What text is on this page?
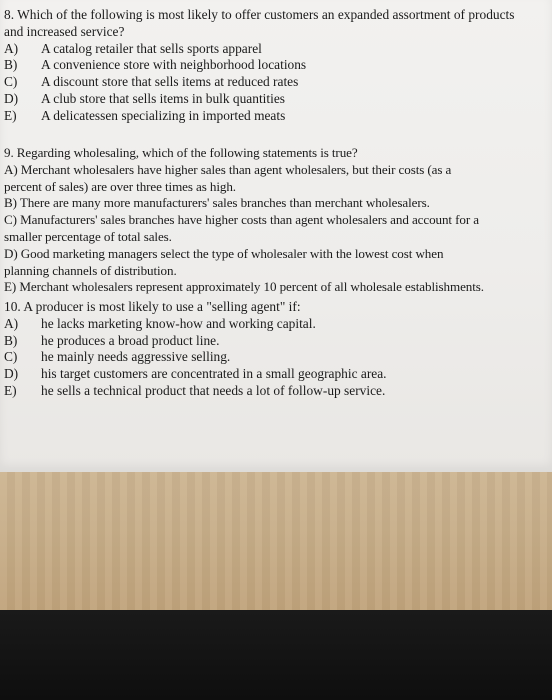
8. Which of the following is most likely to offer customers an expanded assortment of products
and increased service?
A)	A catalog retailer that sells sports apparel
B)	A convenience store with neighborhood locations
C)	A discount store that sells items at reduced rates
D)	A club store that sells items in bulk quantities
E)	A delicatessen specializing in imported meats
9. Regarding wholesaling, which of the following statements is true?
A) Merchant wholesalers have higher sales than agent wholesalers, but their costs (as a
percent of sales) are over three times as high.
B) There are many more manufacturers' sales branches than merchant wholesalers.
C) Manufacturers' sales branches have higher costs than agent wholesalers and account for a
smaller percentage of total sales.
D) Good marketing managers select the type of wholesaler with the lowest cost when
planning channels of distribution.
E) Merchant wholesalers represent approximately 10 percent of all wholesale establishments.
10. A producer is most likely to use a "selling agent" if:
A)	he lacks marketing know-how and working capital.
B)	he produces a broad product line.
C)	he mainly needs aggressive selling.
D)	his target customers are concentrated in a small geographic area.
E)	he sells a technical product that needs a lot of follow-up service.
